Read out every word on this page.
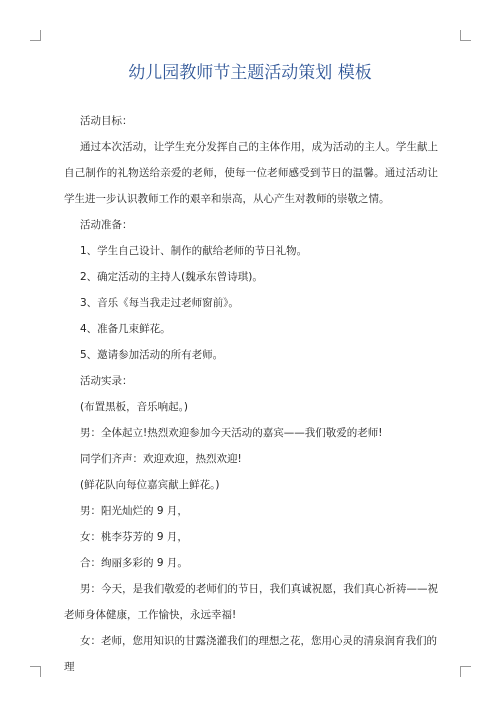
幼儿园教师节主题活动策划 模板

活动目标：

通过本次活动，让学生充分发挥自己的主体作用，成为活动的主人。学生献上自己制作的礼物送给亲爱的老师，使每一位老师感受到节日的温馨。通过活动让学生进一步认识教师工作的艰辛和崇高，从心产生对教师的崇敬之情。

活动准备：

1、学生自己设计、制作的献给老师的节日礼物。

2、确定活动的主持人(魏承东曾诗琪)。

3、音乐《每当我走过老师窗前》。

4、准备几束鲜花。

5、邀请参加活动的所有老师。

活动实录：

(布置黑板，音乐响起。)

男：全体起立!热烈欢迎参加今天活动的嘉宾——我们敬爱的老师!

同学们齐声：欢迎欢迎，热烈欢迎!

(鲜花队向每位嘉宾献上鲜花。)

男：阳光灿烂的 9 月，

女：桃李芬芳的 9 月，

合：绚丽多彩的 9 月。

男：今天，是我们敬爱的老师们的节日，我们真诚祝愿，我们真心祈祷——祝老师身体健康，工作愉快，永远幸福!

女：老师，您用知识的甘露浇灌我们的理想之花，您用心灵的清泉润育我们的理
